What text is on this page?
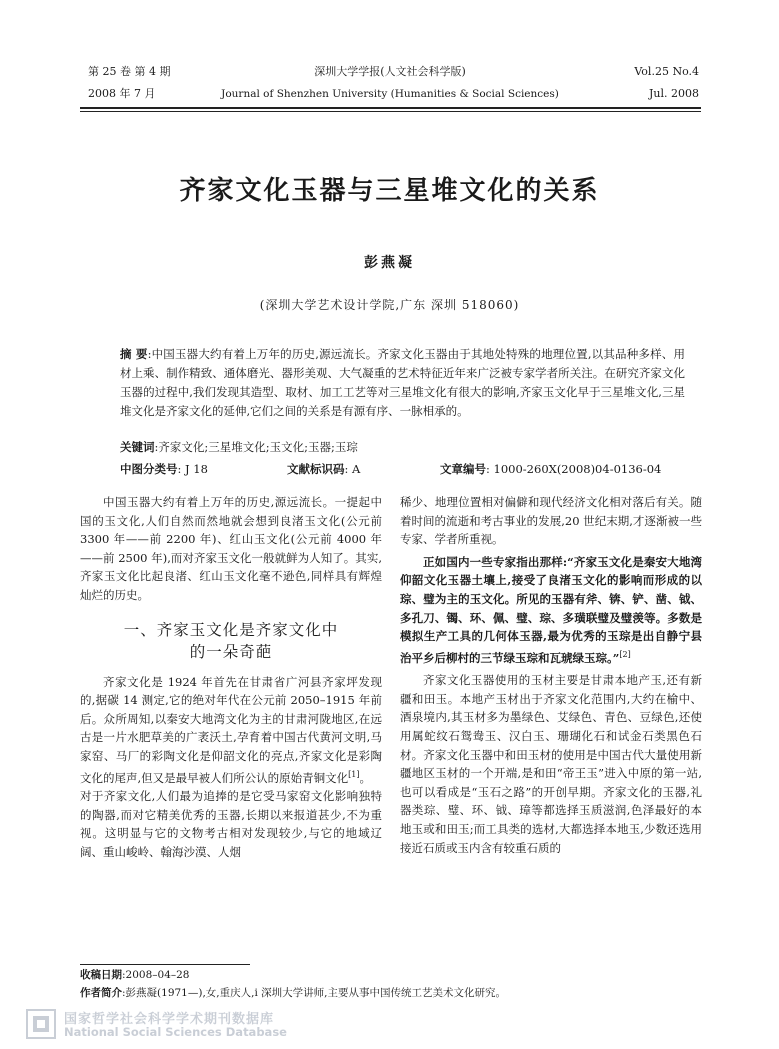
第 25 卷 第 4 期
2008 年 7 月
深圳大学学报(人文社会科学版)
Journal of Shenzhen University (Humanities & Social Sciences)
Vol.25 No.4
Jul. 2008
齐家文化玉器与三星堆文化的关系
彭燕凝
(深圳大学艺术设计学院,广东 深圳 518060)
摘 要:中国玉器大约有着上万年的历史,源远流长。齐家文化玉器由于其地处特殊的地理位置,以其品种多样、用材上乘、制作精致、通体磨光、器形美观、大气凝重的艺术特征近年来广泛被专家学者所关注。在研究齐家文化玉器的过程中,我们发现其造型、取材、加工工艺等对三星堆文化有很大的影响,齐家玉文化早于三星堆文化,三星堆文化是齐家文化的延伸,它们之间的关系是有源有序、一脉相承的。
关键词:齐家文化;三星堆文化;玉文化;玉器;玉琮
中图分类号: J 18	文献标识码: A	文章编号: 1000-260X(2008)04-0136-04

中国玉器大约有着上万年的历史,源远流长。一提起中国的玉文化,人们自然而然地就会想到良渚玉文化(公元前 3300 年——前 2200 年)、红山玉文化(公元前 4000 年——前 2500 年),而对齐家玉文化一般就鲜为人知了。其实,齐家玉文化比起良渚、红山玉文化毫不逊色,同样具有辉煌灿烂的历史。

一、齐家玉文化是齐家文化中
的一朵奇葩

齐家文化是 1924 年首先在甘肃省广河县齐家坪发现的,据碳 14 测定,它的绝对年代在公元前 2050–1915 年前后。众所周知,以秦安大地湾文化为主的甘肃河陇地区,在远古是一片水肥草美的广袤沃土,孕育着中国古代黄河文明,马家窑、马厂的彩陶文化是仰韶文化的亮点,齐家文化是彩陶文化的尾声,但又是最早被人们所公认的原始青铜文化[1]。

对于齐家文化,人们最为追捧的是它受马家窑文化影响独特的陶器,而对它精美优秀的玉器,长期以来报道甚少,不为重视。这明显与它的文物考古相对发现较少,与它的地域辽阔、重山峻岭、翰海沙漠、人烟

稀少、地理位置相对偏僻和现代经济文化相对落后有关。随着时间的流逝和考古事业的发展,20 世纪末期,才逐渐被一些专家、学者所重视。

正如国内一些专家指出那样:“齐家玉文化是秦安大地湾仰韶文化玉器土壤上,接受了良渚玉文化的影响而形成的以琮、璧为主的玉文化。所见的玉器有斧、锛、铲、凿、钺、多孔刀、镯、环、佩、璧、琮、多璜联璧及璧羡等。多数是模拟生产工具的几何体玉器,最为优秀的玉琮是出自静宁县治平乡后柳村的三节绿玉琮和瓦琥绿玉琮。”[2]

齐家文化玉器使用的玉材主要是甘肃本地产玉,还有新疆和田玉。本地产玉材出于齐家文化范围内,大约在榆中、酒泉境内,其玉材多为墨绿色、艾绿色、青色、豆绿色,还使用属蛇纹石鸳鸯玉、汉白玉、珊瑚化石和试金石类黑色石材。齐家文化玉器中和田玉材的使用是中国古代大量使用新疆地区玉材的一个开端,是和田“帝王玉”进入中原的第一站,也可以看成是“玉石之路”的开创早期。齐家文化的玉器,礼器类琮、璧、环、钺、璋等都选择玉质滋润,色泽最好的本地玉或和田玉;而工具类的选材,大都选择本地玉,少数还选用接近石质或玉内含有较重石质的

收稿日期:2008–04–28
作者简介:彭燕凝(1971—),女,重庆人,i 深圳大学讲师,主要从事中国传统工艺美术文化研究。
国家哲学社会科学学术期刊数据库
National Social Sciences Database
